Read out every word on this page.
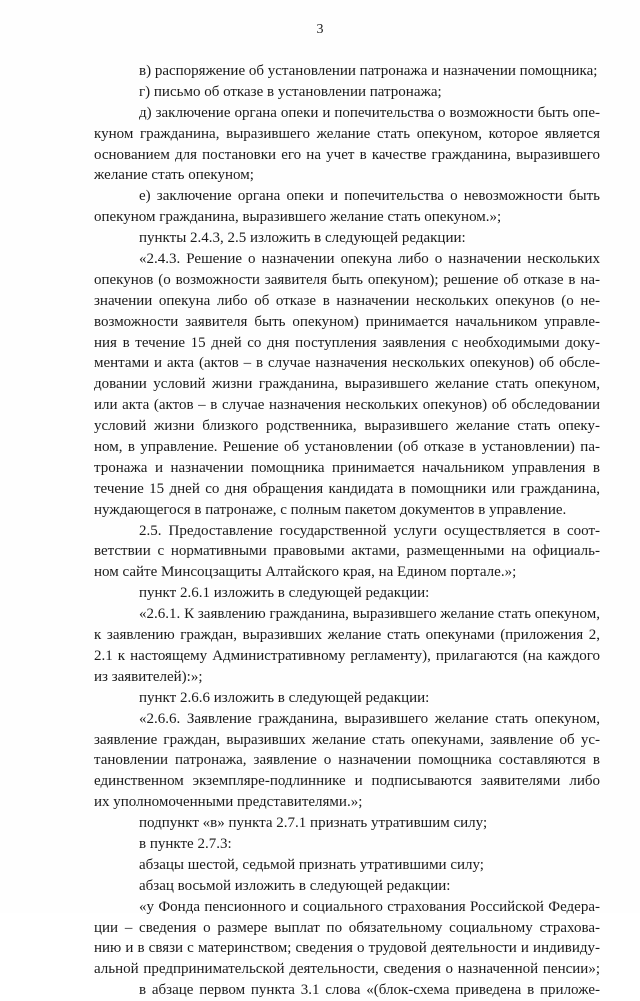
3
в) распоряжение об установлении патронажа и назначении помощника;
г) письмо об отказе в установлении патронажа;
д) заключение органа опеки и попечительства о возможности быть опе-
куном гражданина, выразившего желание стать опекуном, которое является
основанием для постановки его на учет в качестве гражданина, выразившего
желание стать опекуном;
е) заключение органа опеки и попечительства о невозможности быть
опекуном гражданина, выразившего желание стать опекуном.»;
пункты 2.4.3, 2.5 изложить в следующей редакции:
«2.4.3. Решение о назначении опекуна либо о назначении нескольких
опекунов (о возможности заявителя быть опекуном); решение об отказе в на-
значении опекуна либо об отказе в назначении нескольких опекунов (о не-
возможности заявителя быть опекуном) принимается начальником управле-
ния в течение 15 дней со дня поступления заявления с необходимыми доку-
ментами и акта (актов – в случае назначения нескольких опекунов) об обсле-
довании условий жизни гражданина, выразившего желание стать опекуном,
или акта (актов – в случае назначения нескольких опекунов) об обследовании
условий жизни близкого родственника, выразившего желание стать опеку-
ном, в управление. Решение об установлении (об отказе в установлении) па-
тронажа и назначении помощника принимается начальником управления в
течение 15 дней со дня обращения кандидата в помощники или гражданина,
нуждающегося в патронаже, с полным пакетом документов в управление.
2.5. Предоставление государственной услуги осуществляется в соот-
ветствии с нормативными правовыми актами, размещенными на официаль-
ном сайте Минсоцзащиты Алтайского края, на Едином портале.»;
пункт 2.6.1 изложить в следующей редакции:
«2.6.1. К заявлению гражданина, выразившего желание стать опекуном,
к заявлению граждан, выразивших желание стать опекунами (приложения 2,
2.1 к настоящему Административному регламенту), прилагаются (на каждого
из заявителей):»;
пункт 2.6.6 изложить в следующей редакции:
«2.6.6. Заявление гражданина, выразившего желание стать опекуном,
заявление граждан, выразивших желание стать опекунами, заявление об ус-
тановлении патронажа, заявление о назначении помощника составляются в
единственном экземпляре-подлиннике и подписываются заявителями либо
их уполномоченными представителями.»;
подпункт «в» пункта 2.7.1 признать утратившим силу;
в пункте 2.7.3:
абзацы шестой, седьмой признать утратившими силу;
абзац восьмой изложить в следующей редакции:
«у Фонда пенсионного и социального страхования Российской Федера-
ции – сведения о размере выплат по обязательному социальному страхова-
нию и в связи с материнством; сведения о трудовой деятельности и индивиду-
альной предпринимательской деятельности, сведения о назначенной пенсии»;
в абзаце первом пункта 3.1 слова «(блок-схема приведена в приложе-
